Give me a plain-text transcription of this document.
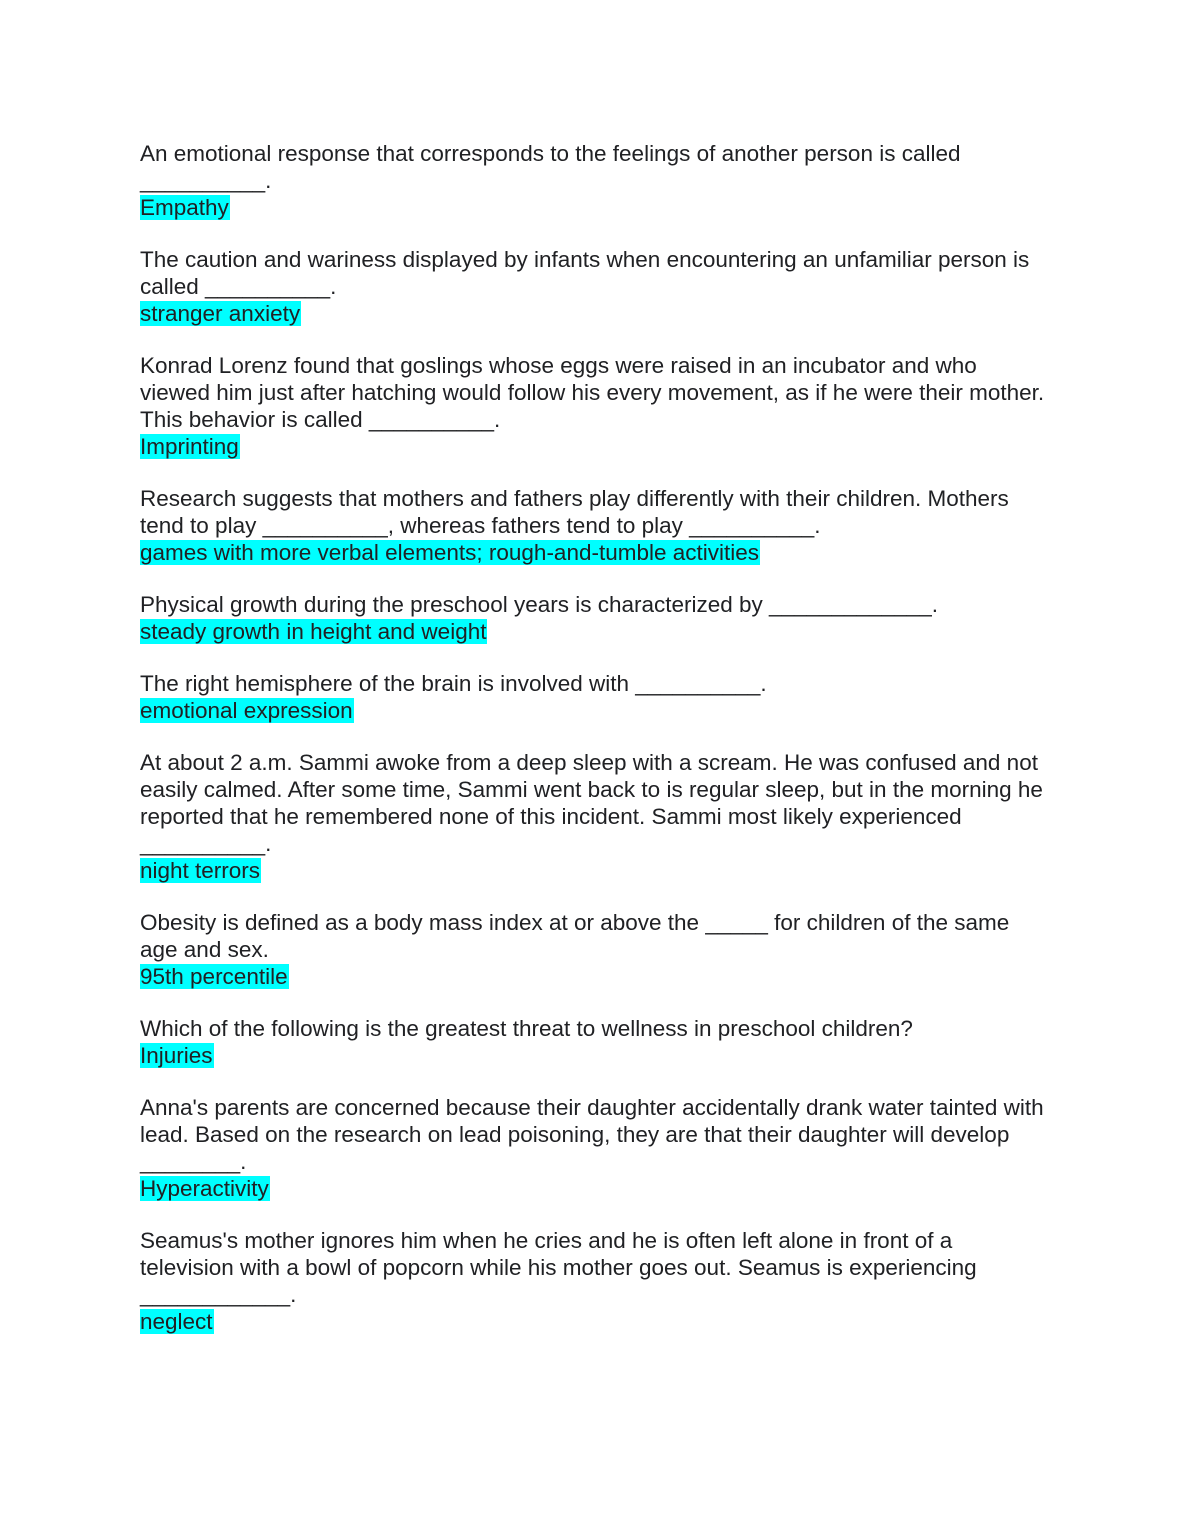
An emotional response that corresponds to the feelings of another person is called __________.

Empathy

The caution and wariness displayed by infants when encountering an unfamiliar person is called __________.

stranger anxiety

Konrad Lorenz found that goslings whose eggs were raised in an incubator and who viewed him just after hatching would follow his every movement, as if he were their mother. This behavior is called __________.

Imprinting

Research suggests that mothers and fathers play differently with their children. Mothers tend to play __________, whereas fathers tend to play __________.

games with more verbal elements; rough-and-tumble activities

Physical growth during the preschool years is characterized by _____________.

steady growth in height and weight

The right hemisphere of the brain is involved with __________.

emotional expression

At about 2 a.m. Sammi awoke from a deep sleep with a scream. He was confused and not easily calmed. After some time, Sammi went back to is regular sleep, but in the morning he reported that he remembered none of this incident. Sammi most likely experienced __________.

night terrors

Obesity is defined as a body mass index at or above the _____ for children of the same age and sex.

95th percentile

Which of the following is the greatest threat to wellness in preschool children?

Injuries

Anna's parents are concerned because their daughter accidentally drank water tainted with lead. Based on the research on lead poisoning, they are that their daughter will develop ________.

Hyperactivity

Seamus's mother ignores him when he cries and he is often left alone in front of a television with a bowl of popcorn while his mother goes out. Seamus is experiencing ____________.

neglect
